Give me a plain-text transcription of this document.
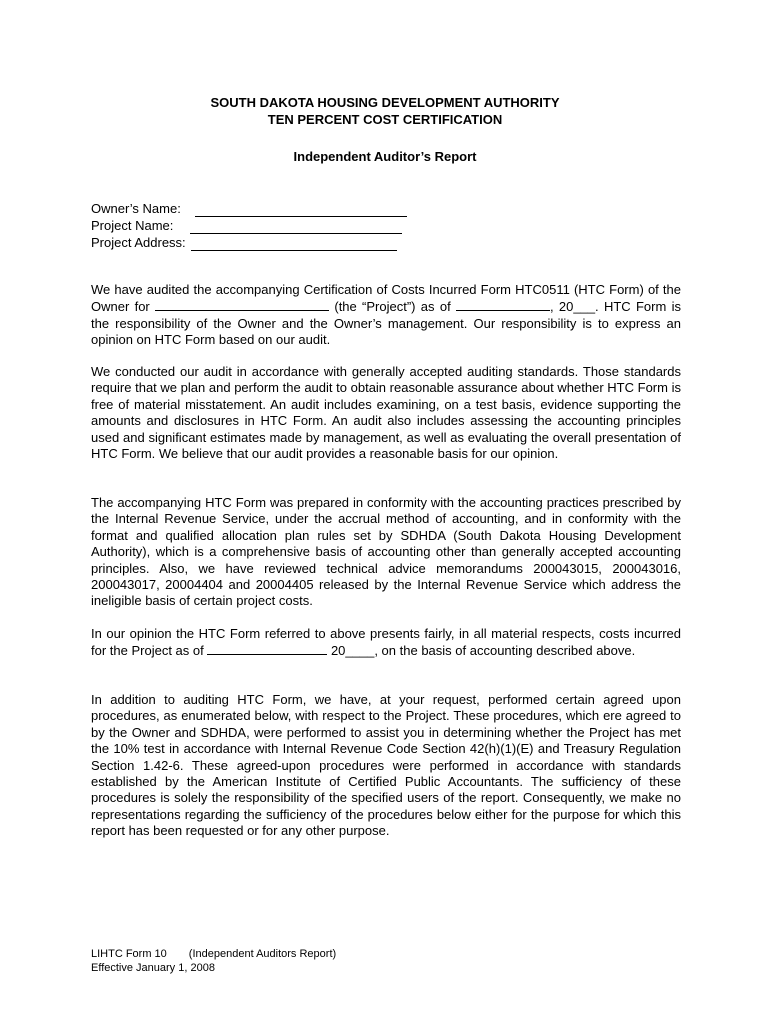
SOUTH DAKOTA HOUSING DEVELOPMENT AUTHORITY
TEN PERCENT COST CERTIFICATION
Independent Auditor’s Report
Owner’s Name:
Project Name:
Project Address:
We have audited the accompanying Certification of Costs Incurred Form HTC0511 (HTC Form) of the Owner for	(the “Project”) as of	, 20___. HTC Form is the responsibility of the Owner and the Owner’s management. Our responsibility is to express an opinion on HTC Form based on our audit.
We conducted our audit in accordance with generally accepted auditing standards. Those standards require that we plan and perform the audit to obtain reasonable assurance about whether HTC Form is free of material misstatement. An audit includes examining, on a test basis, evidence supporting the amounts and disclosures in HTC Form. An audit also includes assessing the accounting principles used and significant estimates made by management, as well as evaluating the overall presentation of HTC Form. We believe that our audit provides a reasonable basis for our opinion.
The accompanying HTC Form was prepared in conformity with the accounting practices prescribed by the Internal Revenue Service, under the accrual method of accounting, and in conformity with the format and qualified allocation plan rules set by SDHDA (South Dakota Housing Development Authority), which is a comprehensive basis of accounting other than generally accepted accounting principles. Also, we have reviewed technical advice memorandums 200043015, 200043016, 200043017, 20004404 and 20004405 released by the Internal Revenue Service which address the ineligible basis of certain project costs.
In our opinion the HTC Form referred to above presents fairly, in all material respects, costs incurred for the Project as of	20____, on the basis of accounting described above.
In addition to auditing HTC Form, we have, at your request, performed certain agreed upon procedures, as enumerated below, with respect to the Project. These procedures, which ere agreed to by the Owner and SDHDA, were performed to assist you in determining whether the Project has met the 10% test in accordance with Internal Revenue Code Section 42(h)(1)(E) and Treasury Regulation Section 1.42-6. These agreed-upon procedures were performed in accordance with standards established by the American Institute of Certified Public Accountants. The sufficiency of these procedures is solely the responsibility of the specified users of the report. Consequently, we make no representations regarding the sufficiency of the procedures below either for the purpose for which this report has been requested or for any other purpose.
LIHTC Form 10 (Independent Auditors Report)
Effective January 1, 2008
